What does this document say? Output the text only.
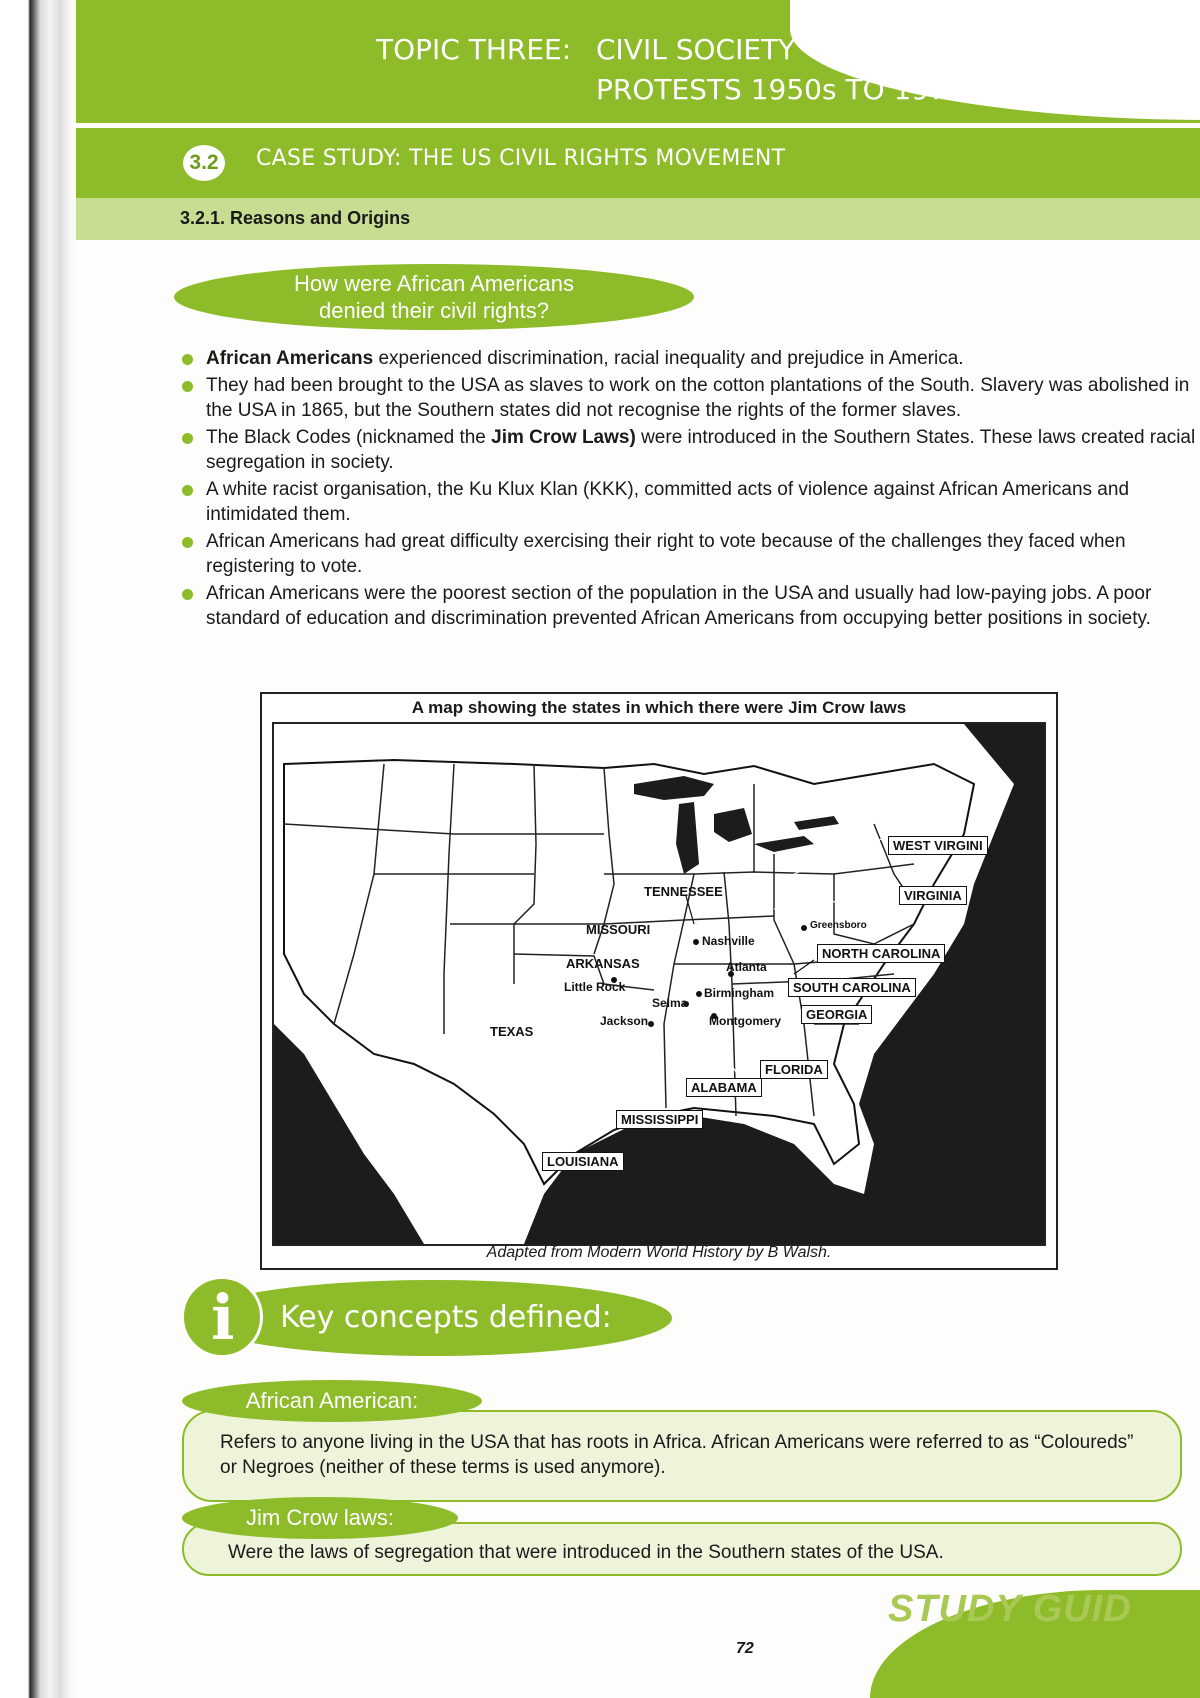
TOPIC THREE: CIVIL SOCIETY
PROTESTS 1950s TO 1970s
3.2 CASE STUDY: THE US CIVIL RIGHTS MOVEMENT
3.2.1. Reasons and Origins
How were African Americans
denied their civil rights?
African Americans experienced discrimination, racial inequality and prejudice in America.
They had been brought to the USA as slaves to work on the cotton plantations of the South. Slavery was abolished in the USA in 1865, but the Southern states did not recognise the rights of the former slaves.
The Black Codes (nicknamed the Jim Crow Laws) were introduced in the Southern States. These laws created racial segregation in society.
A white racist organisation, the Ku Klux Klan (KKK), committed acts of violence against African Americans and intimidated them.
African Americans had great difficulty exercising their right to vote because of the challenges they faced when registering to vote.
African Americans were the poorest section of the population in the USA and usually had low-paying jobs. A poor standard of education and discrimination prevented African Americans from occupying better positions in society.
A map showing the states in which there were Jim Crow laws
WEST VIRGINI
VIRGINIA
TENNESSEE
NORTH CAROLINA
SOUTH CAROLINA
GEORGIA
FLORIDA
ALABAMA
MISSISSIPPI
LOUISIANA
MISSOURI
ARKANSAS
TEXAS
Greensboro
Nashville
Atlanta
Birmingham
Little Rock
Selma
Jackson	Montgomery
Adapted from Modern World History by B Walsh.
i Key concepts defined:
Refers to anyone living in the USA that has roots in Africa. African Americans were referred to as “Coloureds” or Negroes (neither of these terms is used anymore).
African American:
Were the laws of segregation that were introduced in the Southern states of the USA.
Jim Crow laws:
STUDY GUID
72
